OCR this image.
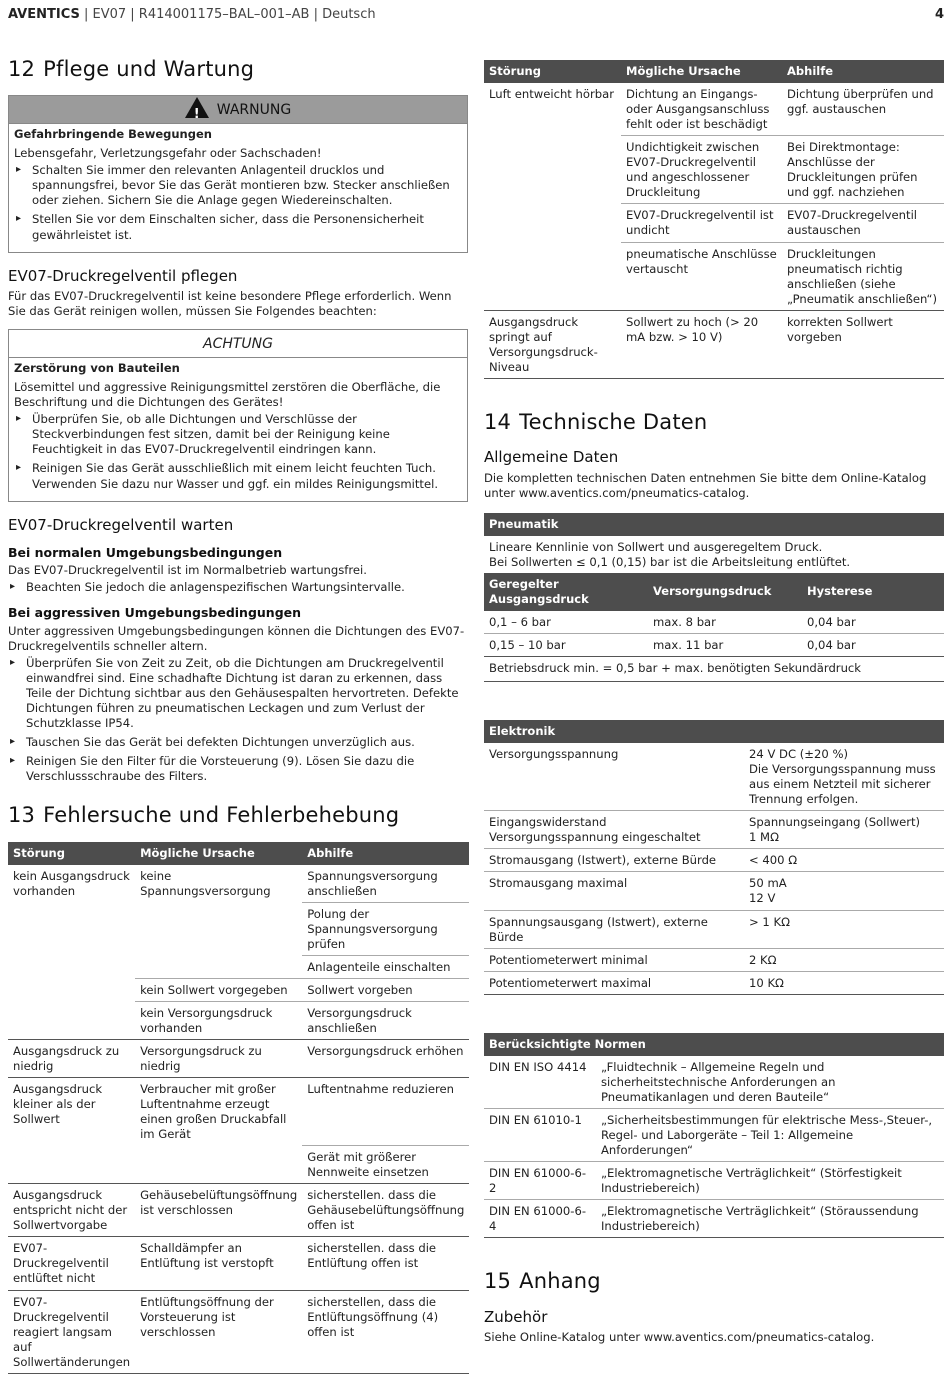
AVENTICS | EV07 | R414001175–BAL–001–AB | Deutsch	4
12 Pflege und Wartung
!WARNUNG
Gefahrbringende Bewegungen

Lebensgefahr, Verletzungsgefahr oder Sachschaden!

▸ Schalten Sie immer den relevanten Anlagenteil drucklos und spannungsfrei, bevor Sie das Gerät montieren bzw. Stecker anschließen oder ziehen. Sichern Sie die Anlage gegen Wiedereinschalten.
▸ Stellen Sie vor dem Einschalten sicher, dass die Personensicherheit gewährleistet ist.
EV07-Druckregelventil pflegen

Für das EV07-Druckregelventil ist keine besondere Pflege erforderlich. Wenn Sie das Gerät reinigen wollen, müssen Sie Folgendes beachten:

ACHTUNG
Zerstörung von Bauteilen

Lösemittel und aggressive Reinigungsmittel zerstören die Oberfläche, die Beschriftung und die Dichtungen des Gerätes!

▸ Überprüfen Sie, ob alle Dichtungen und Verschlüsse der Steckverbindungen fest sitzen, damit bei der Reinigung keine Feuchtigkeit in das EV07-Druckregelventil eindringen kann.
▸ Reinigen Sie das Gerät ausschließlich mit einem leicht feuchten Tuch. Verwenden Sie dazu nur Wasser und ggf. ein mildes Reinigungsmittel.
EV07-Druckregelventil warten
Bei normalen Umgebungsbedingungen

Das EV07-Druckregelventil ist im Normalbetrieb wartungsfrei.

▸ Beachten Sie jedoch die anlagenspezifischen Wartungsintervalle.
Bei aggressiven Umgebungsbedingungen

Unter aggressiven Umgebungsbedingungen können die Dichtungen des EV07-Druckregelventils schneller altern.

▸ Überprüfen Sie von Zeit zu Zeit, ob die Dichtungen am Druckregelventil einwandfrei sind. Eine schadhafte Dichtung ist daran zu erkennen, dass Teile der Dichtung sichtbar aus den Gehäusespalten hervortreten. Defekte Dichtungen führen zu pneumatischen Leckagen und zum Verlust der Schutzklasse IP54.
▸ Tauschen Sie das Gerät bei defekten Dichtungen unverzüglich aus.
▸ Reinigen Sie den Filter für die Vorsteuerung (9). Lösen Sie dazu die Verschlussschraube des Filters.
13 Fehlersuche und Fehlerbehebung
Störung	Mögliche Ursache	Abhilfe
kein Ausgangsdruck vorhanden	keine Spannungsversorgung	Spannungsversorgung anschließen
		Polung der Spannungsversorgung prüfen
		Anlagenteile einschalten
	kein Sollwert vorgegeben	Sollwert vorgeben
	kein Versorgungsdruck vorhanden	Versorgungsdruck anschließen
Ausgangsdruck zu niedrig	Versorgungsdruck zu niedrig	Versorgungsdruck erhöhen
Ausgangsdruck kleiner als der Sollwert	Verbraucher mit großer Luftentnahme erzeugt einen großen Druckabfall im Gerät	Luftentnahme reduzieren
		Gerät mit größerer Nennweite einsetzen
Ausgangsdruck entspricht nicht der Sollwertvorgabe	Gehäusebelüftungsöffnung ist verschlossen	sicherstellen. dass die Gehäusebelüftungsöffnung offen ist
EV07-Druckregelventil entlüftet nicht	Schalldämpfer an Entlüftung ist verstopft	sicherstellen. dass die Entlüftung offen ist
EV07-Druckregelventil reagiert langsam auf Sollwertänderungen	Entlüftungsöffnung der Vorsteuerung ist verschlossen	sicherstellen, dass die Entlüftungsöffnung (4) offen ist
Störung	Mögliche Ursache	Abhilfe
Luft entweicht hörbar	Dichtung an Eingangs- oder Ausgangsanschluss fehlt oder ist beschädigt	Dichtung überprüfen und ggf. austauschen
	Undichtigkeit zwischen EV07-Druckregelventil und angeschlossener Druckleitung	Bei Direktmontage: Anschlüsse der Druckleitungen prüfen und ggf. nachziehen
	EV07-Druckregelventil ist undicht	EV07-Druckregelventil austauschen
	pneumatische Anschlüsse vertauscht	Druckleitungen pneumatisch richtig anschließen (siehe „Pneumatik anschließen“)
Ausgangsdruck springt auf Versorgungsdruck-Niveau	Sollwert zu hoch (> 20 mA bzw. > 10 V)	korrekten Sollwert vorgeben
14 Technische Daten
Allgemeine Daten

Die kompletten technischen Daten entnehmen Sie bitte dem Online-Katalog unter www.aventics.com/pneumatics-catalog.

Pneumatik

Lineare Kennlinie von Sollwert und ausgeregeltem Druck.

Bei Sollwerten ≤ 0,1 (0,15) bar ist die Arbeitsleitung entlüftet.

Geregelter Ausgangsdruck	Versorgungsdruck	Hysterese
0,1 – 6 bar	max. 8 bar	0,04 bar
0,15 – 10 bar	max. 11 bar	0,04 bar
Betriebsdruck min. = 0,5 bar + max. benötigten Sekundärdruck		
Elektronik
Versorgungsspannung	24 V DC (±20 %)
Die Versorgungsspannung muss aus einem Netzteil mit sicherer Trennung erfolgen.
Eingangswiderstand Versorgungsspannung eingeschaltet	Spannungseingang (Sollwert)
1 MΩ
Stromausgang (Istwert), externe Bürde	< 400 Ω
Stromausgang maximal	50 mA
12 V
Spannungsausgang (Istwert), externe Bürde	> 1 KΩ
Potentiometerwert minimal	2 KΩ
Potentiometerwert maximal	10 KΩ
Berücksichtigte Normen
DIN EN ISO 4414	„Fluidtechnik – Allgemeine Regeln und sicherheitstechnische Anforderungen an Pneumatikanlagen und deren Bauteile“
DIN EN 61010-1	„Sicherheitsbestimmungen für elektrische Mess-,Steuer-, Regel- und Laborgeräte – Teil 1: Allgemeine Anforderungen“
DIN EN 61000-6-2	„Elektromagnetische Verträglichkeit“ (Störfestigkeit Industriebereich)
DIN EN 61000-6-4	„Elektromagnetische Verträglichkeit“ (Störaussendung Industriebereich)
15 Anhang
Zubehör

Siehe Online-Katalog unter www.aventics.com/pneumatics-catalog.
